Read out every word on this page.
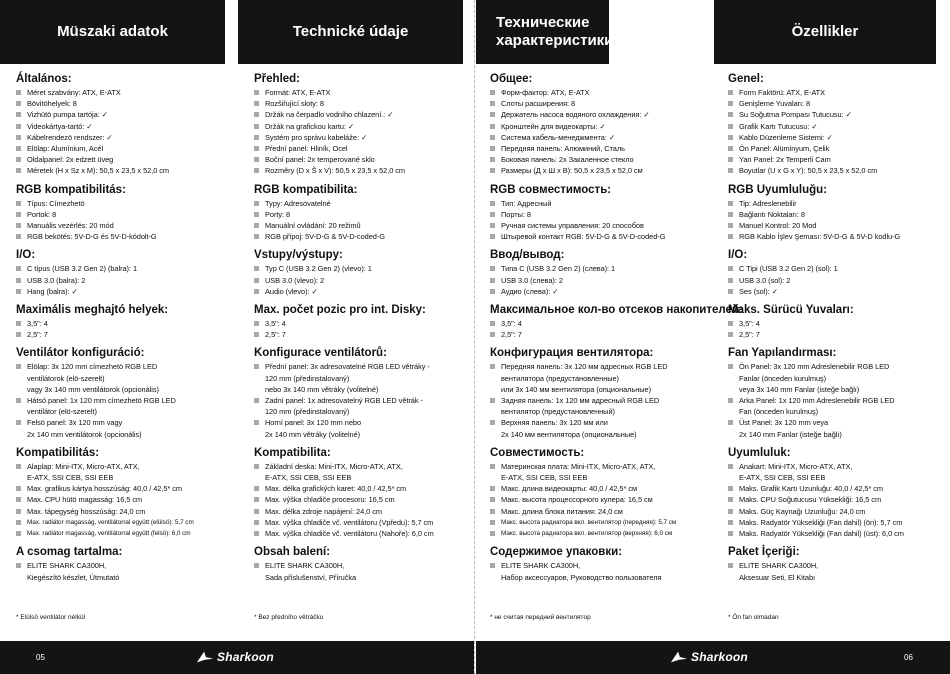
Müszaki adatok	Technické údaje
Általános:
Méret szabvány: ATX, E-ATX
Bövítöhelyek: 8
Vizhütö pumpa tartója: ✓
Videokártya-tartó: ✓
Kábelrendezö rendszer: ✓
Elölap: Alumínium, Acél
Oldalpanel: 2x edzett üveg
Méretek (H x Sz x M): 50,5 x 23,5 x 52,0 cm
RGB kompatibilitás:
Típus: Címezhetö
Portok: 8
Manuális vezérlés: 20 mód
RGB bekötés: 5V-D-G és 5V-D-kódolt-G
I/O:
C típus (USB 3.2 Gen 2) (balra): 1
USB 3.0 (balra): 2
Hang (balra): ✓
Maximális meghajtó helyek:
3,5": 4
2,5": 7
Ventilátor konfiguráció:
Elölap: 3x 120 mm címezhetö RGB LED
ventilátorok (elö-szerelt)
vagy 3x 140 mm ventilátorok (opcionális)
Hátsó panel: 1x 120 mm címezhetö RGB LED
ventilátor (elö-szerelt)
Felsö panel: 3x 120 mm vagy
2x 140 mm ventilátorok (opcionális)
Kompatibilitás:
Alaplap: Mini-ITX, Micro-ATX, ATX,
E-ATX, SSI CEB, SSI EEB
Max. grafikus kártya hosszúság: 40,0 / 42,5* cm
Max. CPU hütö magasság: 16,5 cm
Max. tápegység hosszúság: 24,0 cm
Max. radiátor magasság, ventilátorral együtt (elülsö): 5,7 cm
Max. radiátor magasság, ventilátorral együtt (felsö): 6,0 cm
A csomag tartalma:
ELITE SHARK CA300H,
Kiegészítö készlet, Útmutató
Přehled:
Formát: ATX, E-ATX
Rozšiřující sloty: 8
Držák na čerpadlo vodního chlazení.: ✓
Držák na grafickou kartu: ✓
Systém pro správu kabeláže: ✓
Přední panel: Hliník, Ocel
Boční panel: 2x temperované sklo
Rozměry (D x Š x V): 50,5 x 23,5 x 52,0 cm
RGB kompatibilita:
Typy: Adresovatelné
Porty: 8
Manuální ovládání: 20 režimů
RGB přípoj: 5V-D-G & 5V-D-coded-G
Vstupy/výstupy:
Typ C (USB 3.2 Gen 2) (vlevo): 1
USB 3.0 (vlevo): 2
Audio (vlevo): ✓
Max. počet pozic pro int. Disky:
3,5": 4
2,5": 7
Konfigurace ventilátorů:
Přední panel: 3x adresovatelné RGB LED větráky -
120 mm (předinstalovaný)
nebo 3x 140 mm větráky (volitelné)
Zadní panel: 1x adresovatelný RGB LED větrák -
120 mm (předinstalovaný)
Horní panel: 3x 120 mm nebo
2x 140 mm větráky (volitelné)
Kompatibilita:
Základní deska: Mini-ITX, Micro-ATX, ATX,
E-ATX, SSI CEB, SSI EEB
Max. délka grafických karet: 40,0 / 42,5* cm
Max. výška chladiče procesoru: 16,5 cm
Max. délka zdroje napájení: 24,0 cm
Max. výška chladiče vč. ventilátoru (Vpředu): 5,7 cm
Max. výška chladiče vč. ventilátoru (Nahoře): 6,0 cm
Obsah balení:
ELITE SHARK CA300H,
Sada příslušenství, Příručka
* Elülsö ventilátor nélkül	* Bez předního větráčku
05	Sharkoon
Технические
характеристики
Özellikler
Общее:
Форм-фактор: ATX, E-ATX
Слоты расширения: 8
Держатель насоса водяного охлаждения: ✓
Кронштейн для видеокарты: ✓
Система кабель-менеджмента: ✓
Передняя панель: Алюминий, Сталь
Боковая панель: 2x Закаленное стекло
Размеры (Д x Ш x В): 50,5 x 23,5 x 52,0 см
RGB совместимость:
Тип: Адресный
Порты: 8
Ручная системы управления: 20 способов
Штыревой контакт RGB: 5V-D-G & 5V-D-coded-G
Ввод/вывод:
Типа C (USB 3.2 Gen 2) (слева): 1
USB 3.0 (слева): 2
Аудио (слева): ✓
Максимальное кол-во отсеков накопителей:
3,5": 4
2,5": 7
Конфигурация вентилятора:
Передняя панель: 3x 120 мм адресных RGB LED
вентилятора (предустановленные)
или 3x 140 мм вентилятора (опциональные)
Задняя панель: 1x 120 мм адресный RGB LED
вентилятор (предустановленный)
Верхняя панель: 3x 120 мм или
2x 140 мм вентилятора (опциональные)
Совместимость:
Материнская плата: Mini-ITX, Micro-ATX, ATX,
E-ATX, SSI CEB, SSI EEB
Макс. длина видеокарты: 40,0 / 42,5* см
Макс. высота процессорного кулера: 16,5 см
Макс. длина блока питания: 24,0 см
Макс. высота радиатора вкл. вентилятор (передняя): 5,7 см
Макс. высота радиатора вкл. вентилятор (верхняя): 6,0 см
Содержимое упаковки:
ELITE SHARK CA300H,
Набор аксессуаров, Руководство пользователя
Genel:
Form Faktörü: ATX, E-ATX
Genişleme Yuvaları: 8
Su Soğutma Pompası Tutucusu: ✓
Grafik Kartı Tutucusu: ✓
Kablo Düzenleme Sistemi: ✓
Ön Panel: Alüminyum, Çelik
Yan Panel: 2x Temperli Cam
Boyutlar (U x G x Y): 50,5 x 23,5 x 52,0 cm
RGB Uyumluluğu:
Tip: Adreslenebilir
Bağlantı Noktaları: 8
Manuel Kontrol: 20 Mod
RGB Kablo İşlev Şeması: 5V-D-G & 5V-D kodlu-G
I/O:
C Tipi (USB 3.2 Gen 2) (sol): 1
USB 3.0 (sol): 2
Ses (sol): ✓
Maks. Sürücü Yuvaları:
3,5": 4
2,5": 7
Fan Yapılandırması:
Ön Panel: 3x 120 mm Adreslenebilir RGB LED
Fanlar (önceden kurulmuş)
veya 3x 140 mm Fanlar (isteğe bağlı)
Arka Panel: 1x 120 mm Adreslenebilir RGB LED
Fan (önceden kurulmuş)
Üst Panel: 3x 120 mm veya
2x 140 mm Fanlar (isteğe bağlı)
Uyumluluk:
Anakart: Mini-ITX, Micro-ATX, ATX,
E-ATX, SSI CEB, SSI EEB
Maks. Grafik Kartı Uzunluğu: 40,0 / 42,5* cm
Maks. CPU Soğutucusu Yüksekliği: 16,5 cm
Maks. Güç Kaynağı Uzunluğu: 24,0 cm
Maks. Radyatör Yüksekliği (Fan dahil) (ön): 5,7 cm
Maks. Radyatör Yüksekliği (Fan dahil) (üst): 6,0 cm
Paket İçeriği:
ELITE SHARK CA300H,
Aksesuar Seti, El Kitabı
* не считая передний вентилятор	* Ön fan olmadan
Sharkoon	06
